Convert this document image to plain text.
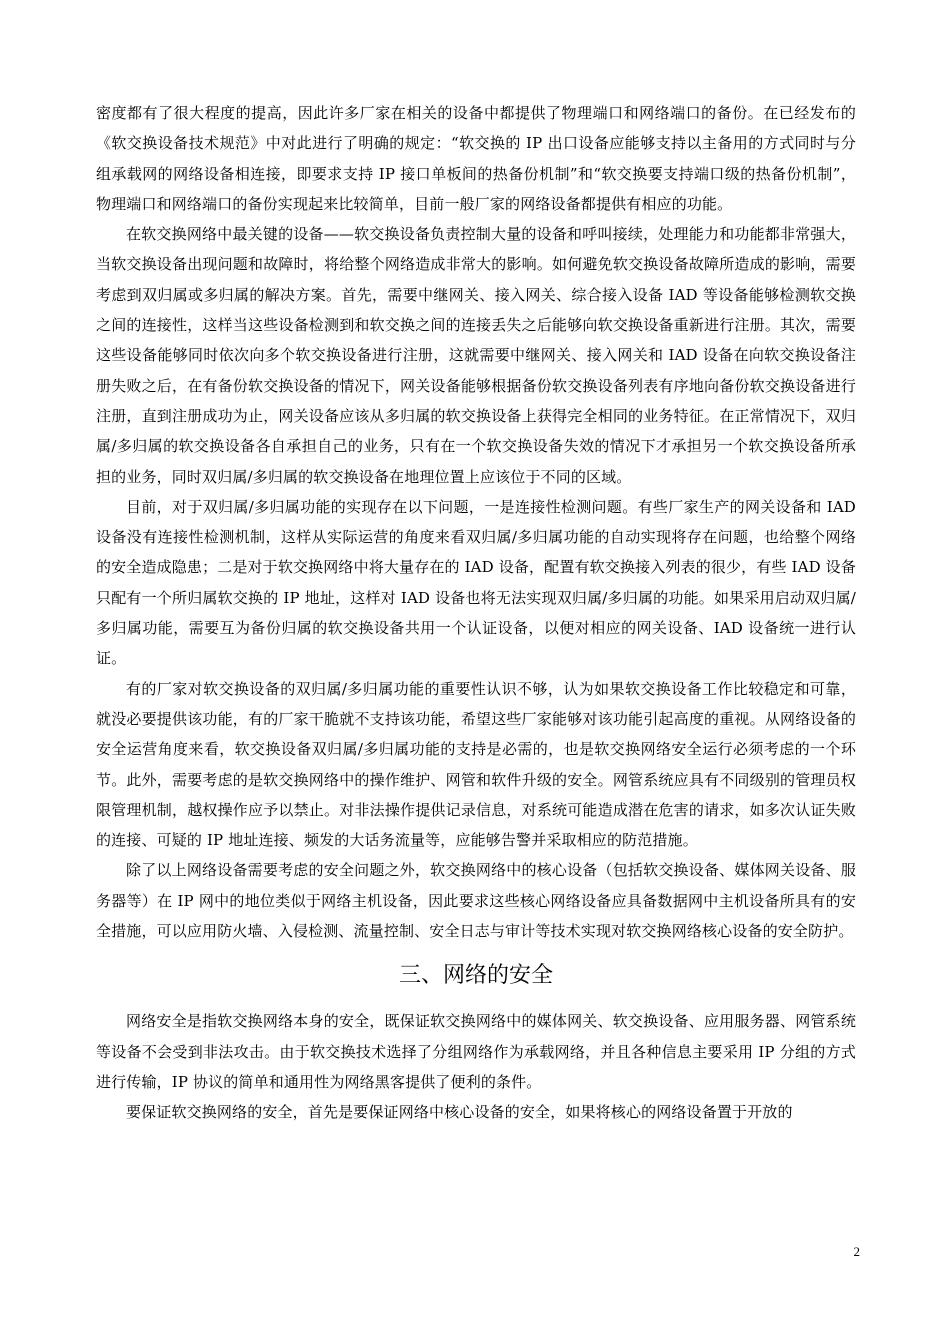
密度都有了很大程度的提高，因此许多厂家在相关的设备中都提供了物理端口和网络端口的备份。在已经发布的《软交换设备技术规范》中对此进行了明确的规定：“软交换的 IP 出口设备应能够支持以主备用的方式同时与分组承载网的网络设备相连接，即要求支持 IP 接口单板间的热备份机制”和“软交换要支持端口级的热备份机制”，物理端口和网络端口的备份实现起来比较简单，目前一般厂家的网络设备都提供有相应的功能。

在软交换网络中最关键的设备——软交换设备负责控制大量的设备和呼叫接续，处理能力和功能都非常强大，当软交换设备出现问题和故障时，将给整个网络造成非常大的影响。如何避免软交换设备故障所造成的影响，需要考虑到双归属或多归属的解决方案。首先，需要中继网关、接入网关、综合接入设备 IAD 等设备能够检测软交换之间的连接性，这样当这些设备检测到和软交换之间的连接丢失之后能够向软交换设备重新进行注册。其次，需要这些设备能够同时依次向多个软交换设备进行注册，这就需要中继网关、接入网关和 IAD 设备在向软交换设备注册失败之后，在有备份软交换设备的情况下，网关设备能够根据备份软交换设备列表有序地向备份软交换设备进行注册，直到注册成功为止，网关设备应该从多归属的软交换设备上获得完全相同的业务特征。在正常情况下，双归属/多归属的软交换设备各自承担自己的业务，只有在一个软交换设备失效的情况下才承担另一个软交换设备所承担的业务，同时双归属/多归属的软交换设备在地理位置上应该位于不同的区域。

目前，对于双归属/多归属功能的实现存在以下问题，一是连接性检测问题。有些厂家生产的网关设备和 IAD 设备没有连接性检测机制，这样从实际运营的角度来看双归属/多归属功能的自动实现将存在问题，也给整个网络的安全造成隐患；二是对于软交换网络中将大量存在的 IAD 设备，配置有软交换接入列表的很少，有些 IAD 设备只配有一个所归属软交换的 IP 地址，这样对 IAD 设备也将无法实现双归属/多归属的功能。如果采用启动双归属/多归属功能，需要互为备份归属的软交换设备共用一个认证设备，以便对相应的网关设备、IAD 设备统一进行认证。

有的厂家对软交换设备的双归属/多归属功能的重要性认识不够，认为如果软交换设备工作比较稳定和可靠，就没必要提供该功能，有的厂家干脆就不支持该功能，希望这些厂家能够对该功能引起高度的重视。从网络设备的安全运营角度来看，软交换设备双归属/多归属功能的支持是必需的，也是软交换网络安全运行必须考虑的一个环节。此外，需要考虑的是软交换网络中的操作维护、网管和软件升级的安全。网管系统应具有不同级别的管理员权限管理机制，越权操作应予以禁止。对非法操作提供记录信息，对系统可能造成潜在危害的请求，如多次认证失败的连接、可疑的 IP 地址连接、频发的大话务流量等，应能够告警并采取相应的防范措施。

除了以上网络设备需要考虑的安全问题之外，软交换网络中的核心设备（包括软交换设备、媒体网关设备、服务器等）在 IP 网中的地位类似于网络主机设备，因此要求这些核心网络设备应具备数据网中主机设备所具有的安全措施，可以应用防火墙、入侵检测、流量控制、安全日志与审计等技术实现对软交换网络核心设备的安全防护。

三、网络的安全

网络安全是指软交换网络本身的安全，既保证软交换网络中的媒体网关、软交换设备、应用服务器、网管系统等设备不会受到非法攻击。由于软交换技术选择了分组网络作为承载网络，并且各种信息主要采用 IP 分组的方式进行传输，IP 协议的简单和通用性为网络黑客提供了便利的条件。

要保证软交换网络的安全，首先是要保证网络中核心设备的安全，如果将核心的网络设备置于开放的

2
